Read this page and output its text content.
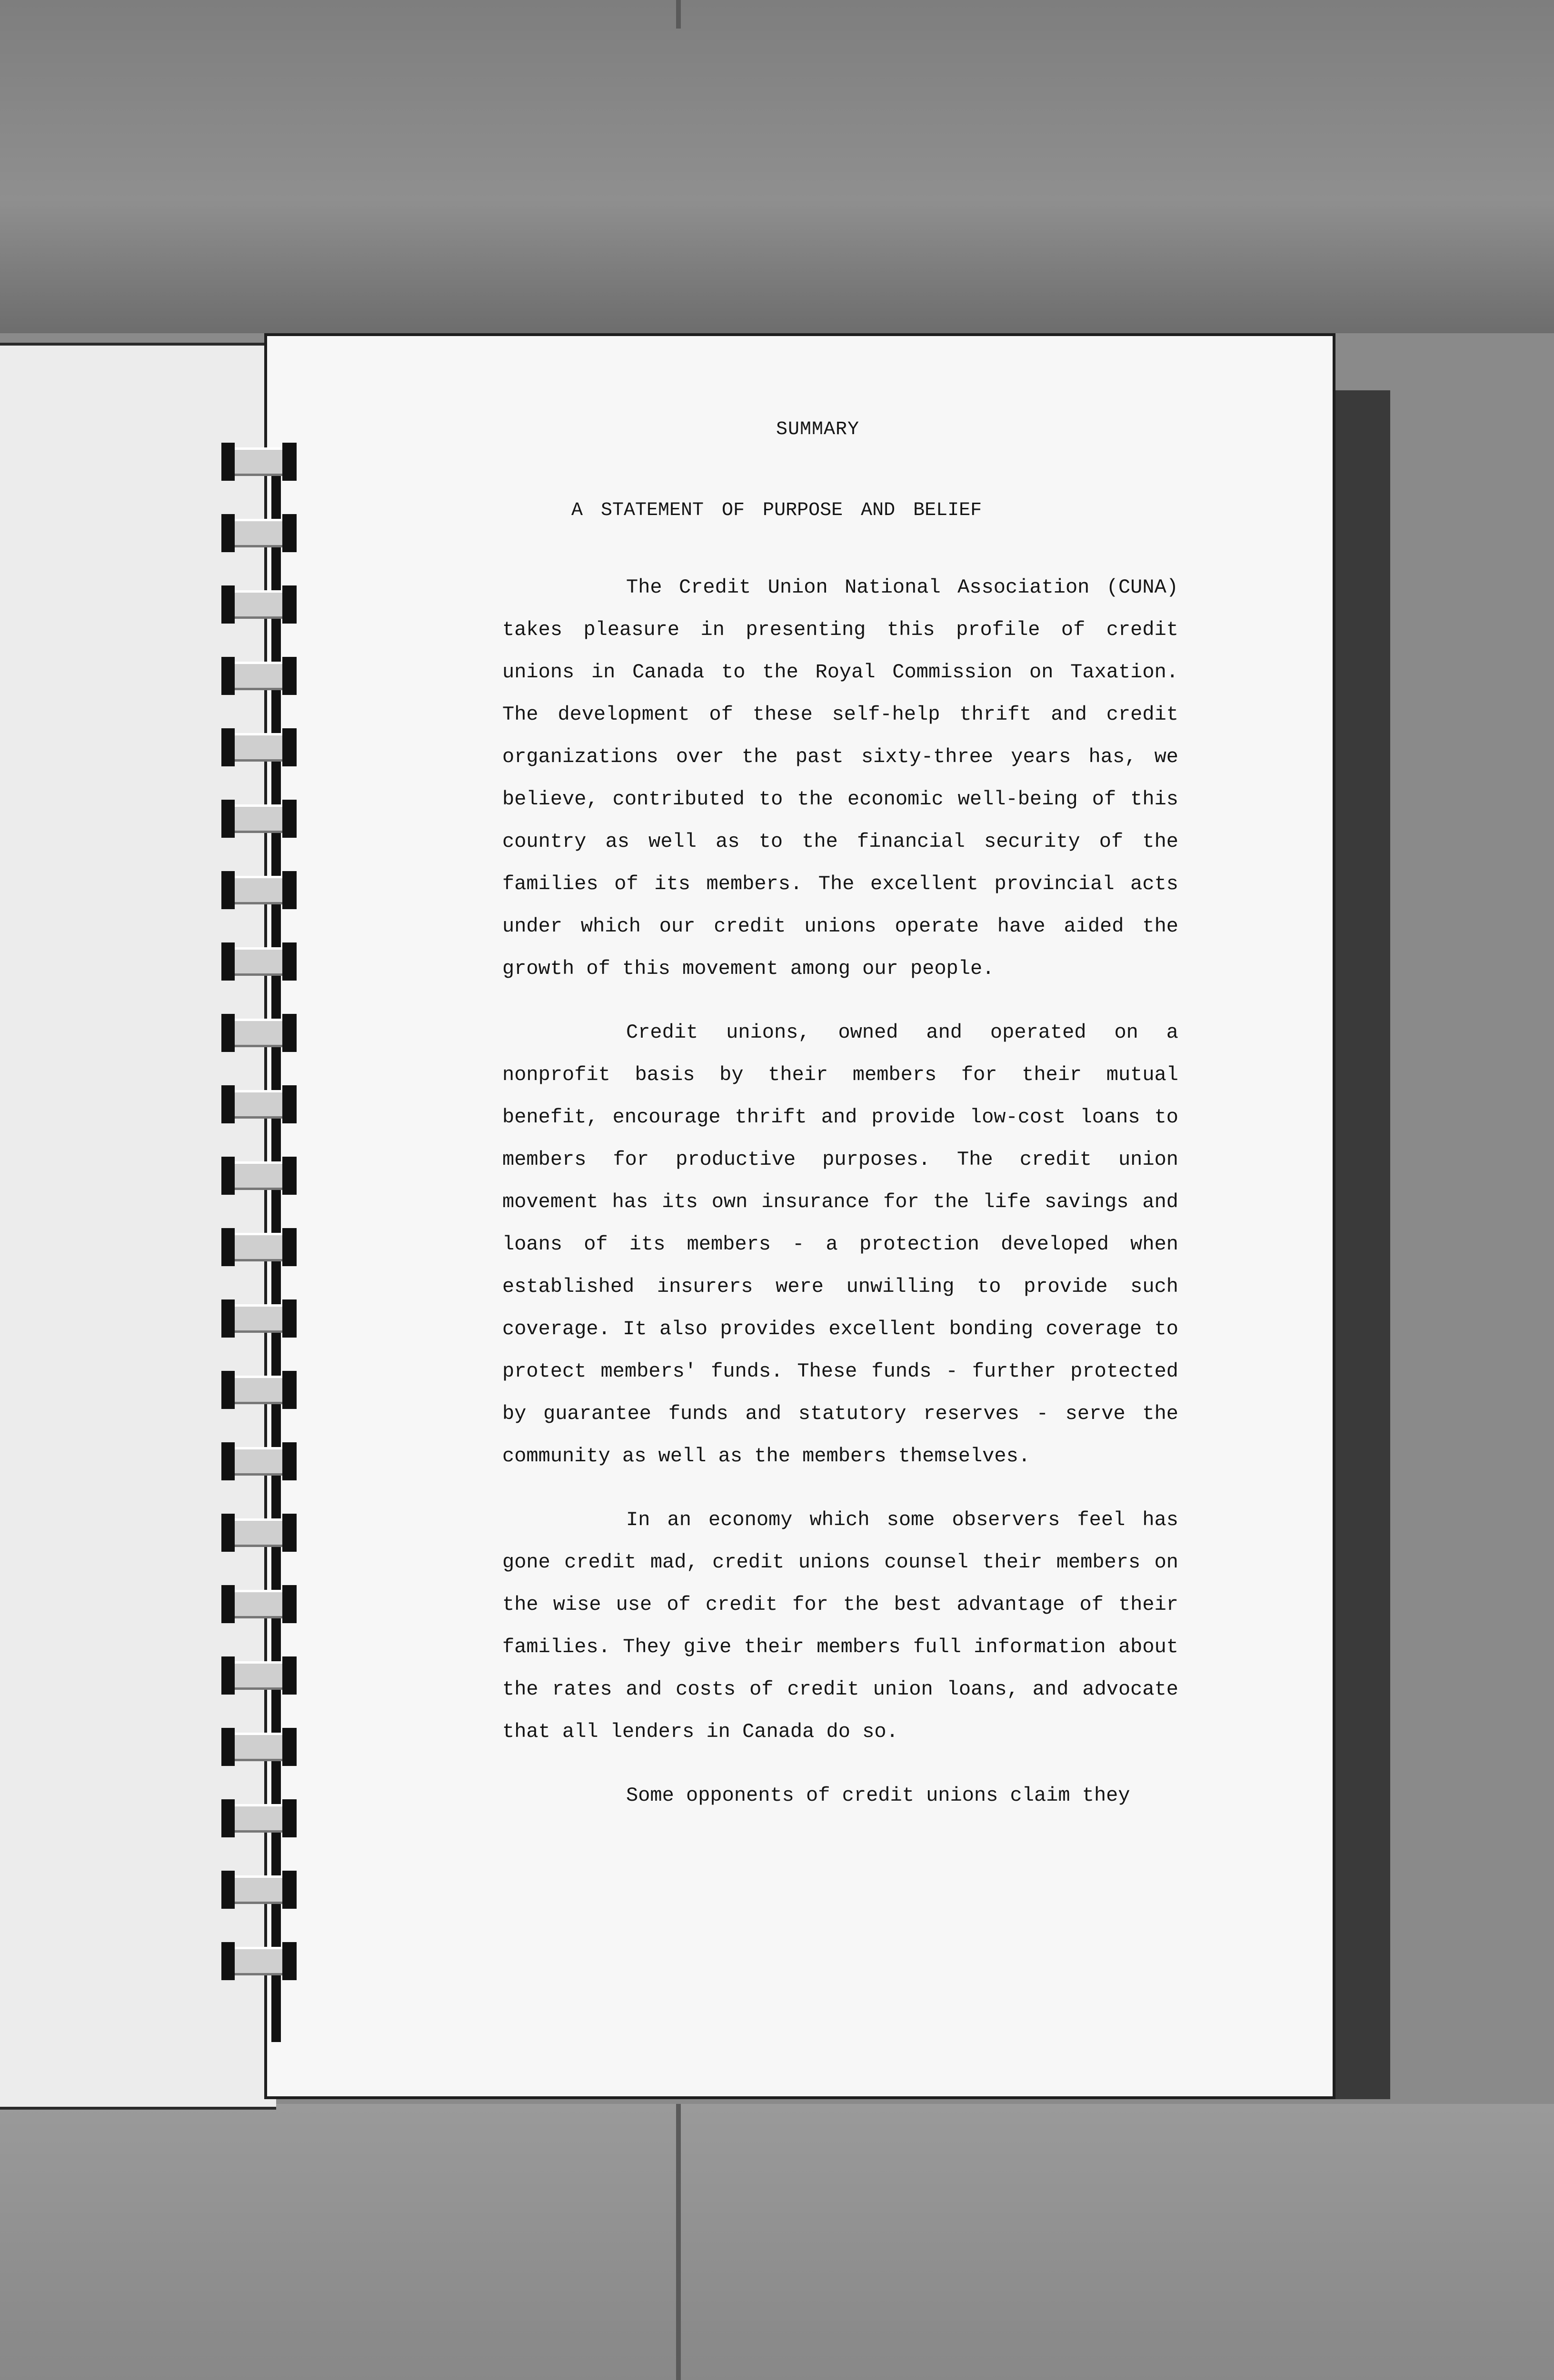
SUMMARY
A STATEMENT OF PURPOSE AND BELIEF

The Credit Union National Association (CUNA) takes pleasure in presenting this profile of credit unions in Canada to the Royal Commission on Taxation. The development of these self-help thrift and credit organizations over the past sixty-three years has, we believe, contributed to the economic well-being of this country as well as to the financial security of the families of its members. The excellent provincial acts under which our credit unions operate have aided the growth of this movement among our people.

Credit unions, owned and operated on a nonprofit basis by their members for their mutual benefit, encourage thrift and provide low-cost loans to members for productive purposes. The credit union movement has its own insurance for the life savings and loans of its members - a protection developed when established insurers were unwilling to provide such coverage. It also provides excellent bonding coverage to protect members' funds. These funds - further protected by guarantee funds and statutory reserves - serve the community as well as the members themselves.

In an economy which some observers feel has gone credit mad, credit unions counsel their members on the wise use of credit for the best advantage of their families. They give their members full information about the rates and costs of credit union loans, and advocate that all lenders in Canada do so.

Some opponents of credit unions claim they
